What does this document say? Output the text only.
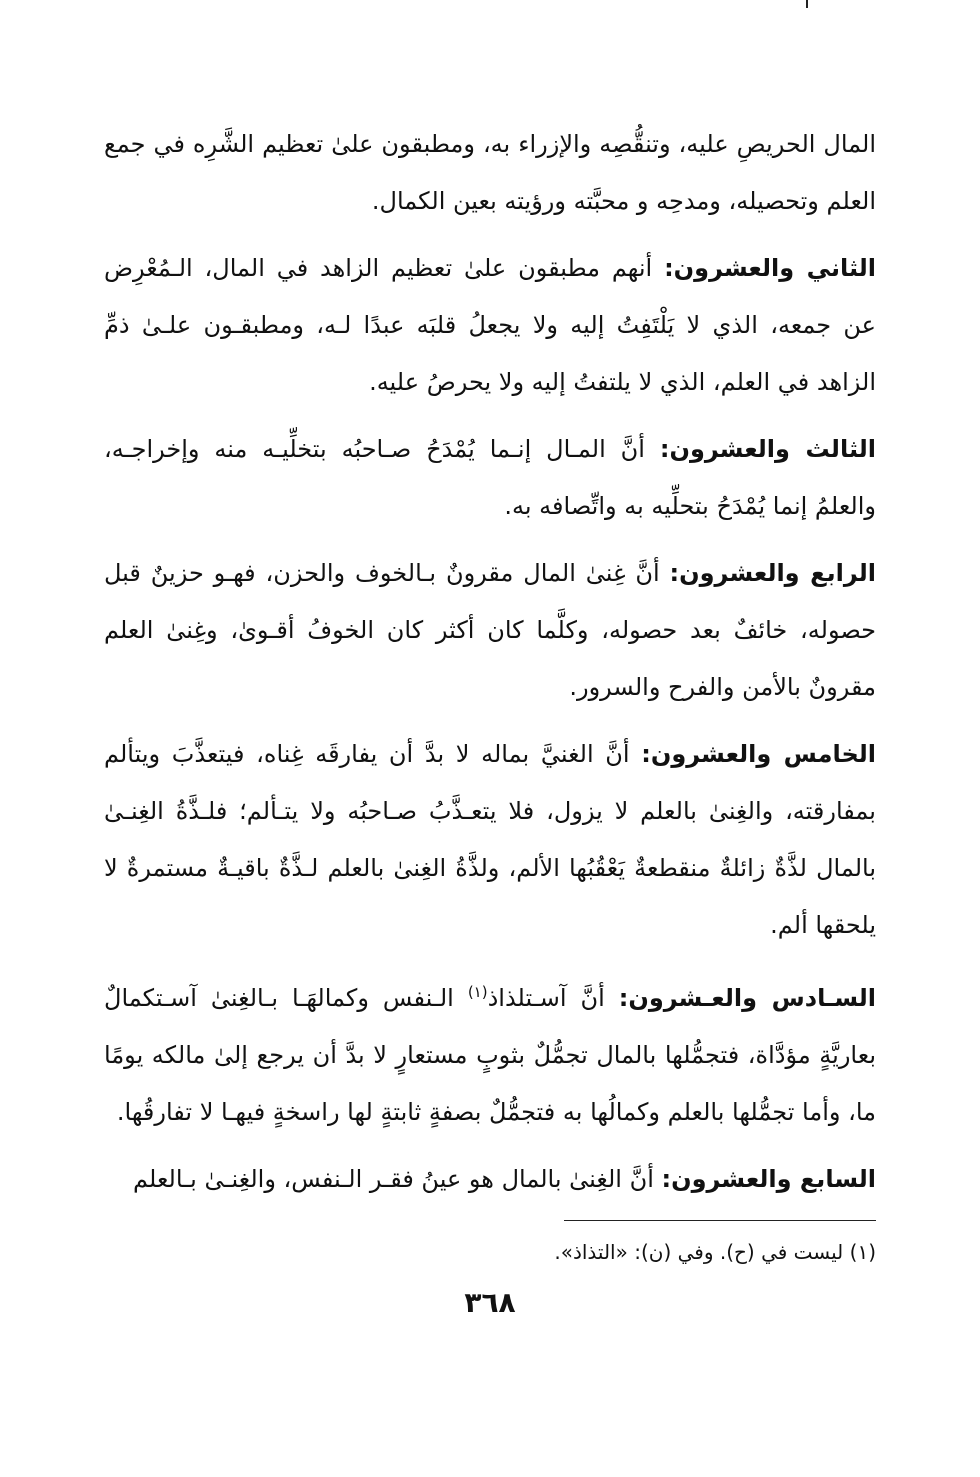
المال الحريصِ عليه، وتنقُّصِه والإزراء به، ومطبقون علىٰ تعظيم الشَّرِه في جمع العلم وتحصيله، ومدحِه و محبَّته ورؤيته بعين الكمال.

الثاني والعشرون: أنهم مطبقون علىٰ تعظيم الزاهد في المال، الـمُعْرِض عن جمعه، الذي لا يَلْتَفِتُ إليه ولا يجعلُ قلبَه عبدًا لـه، ومطبقـون علـىٰ ذمِّ الزاهد في العلم، الذي لا يلتفتُ إليه ولا يحرصُ عليه.

الثالث والعشرون: أنَّ المـال إنـما يُمْدَحُ صـاحبُه بتخلِّيـه منه وإخراجـه، والعلمُ إنما يُمْدَحُ بتحلِّيه به واتِّصافه به.

الرابع والعشرون: أنَّ غِنىٰ المال مقرونٌ بـالخوف والحزن، فهـو حزينٌ قبل حصوله، خائفٌ بعد حصوله، وكلَّما كان أكثر كان الخوفُ أقـوىٰ، وغِنىٰ العلم مقرونٌ بالأمن والفرح والسرور.

الخامس والعشرون: أنَّ الغنيَّ بماله لا بدَّ أن يفارقَه غِناه، فيتعذَّبَ ويتألم بمفارقته، والغِنىٰ بالعلم لا يزول، فلا يتعـذَّبُ صـاحبُه ولا يتـألم؛ فلـذَّةُ الغِنـىٰ بالمال لذَّةٌ زائلةٌ منقطعةٌ يَعْقُبُها الألم، ولذَّةُ الغِنىٰ بالعلم لـذَّةٌ باقيـةٌ مستمرةٌ لا يلحقها ألم.

السـادس والعـشرون: أنَّ آسـتلذاذ$^{(١)}$ الـنفس وكمالهَـا بـالغِنىٰ آسـتكمالٌ بعاريَّةٍ مؤدَّاة، فتجمُّلها بالمال تجمُّلٌ بثوبٍ مستعارٍ لا بدَّ أن يرجع إلىٰ مالكه يومًا ما، وأما تجمُّلها بالعلم وكمالُها به فتجمُّلٌ بصفةٍ ثابتةٍ لها راسخةٍ فيهـا لا تفارقُها.

السابع والعشرون: أنَّ الغِنىٰ بالمال هو عينُ فقـر الـنفس، والغِنـىٰ بـالعلم

(١) ليست في (ح). وفي (ن): «التذاذ».
٣٦٨
